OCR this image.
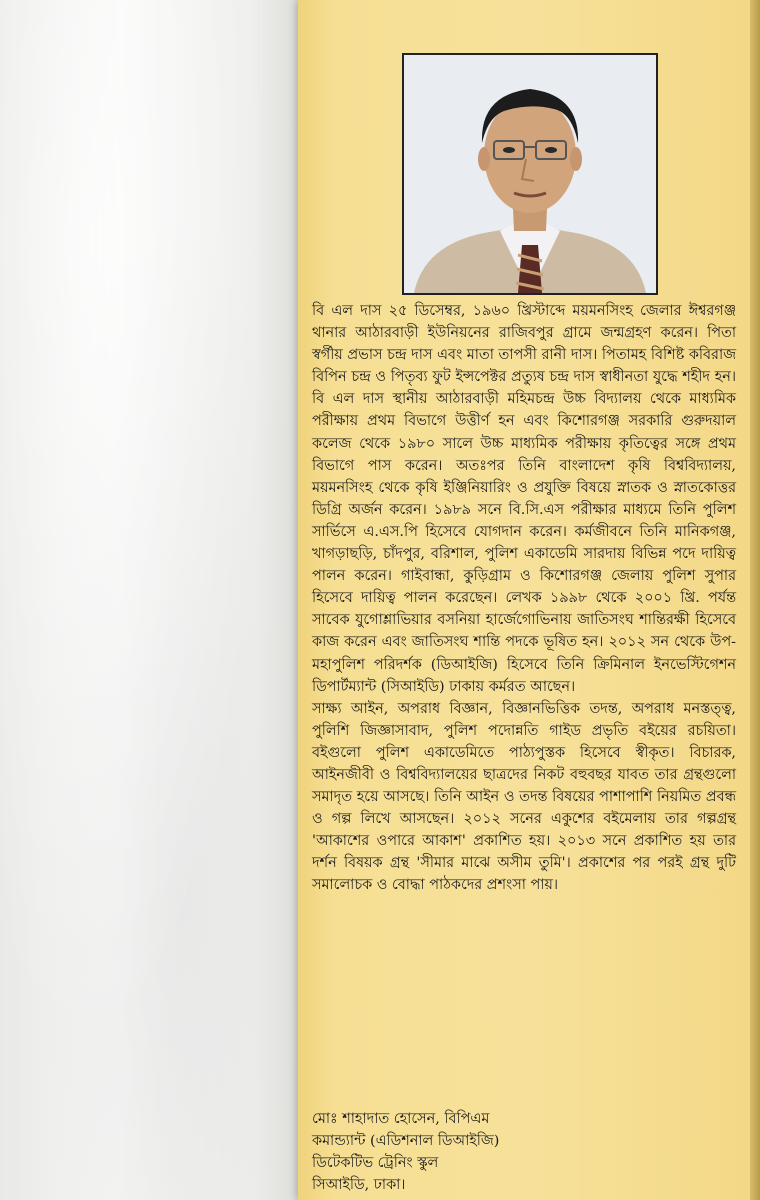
বি এল দাস ২৫ ডিসেম্বর, ১৯৬০ খ্রিস্টাব্দে ময়মনসিংহ জেলার ঈশ্বরগঞ্জ থানার আঠারবাড়ী ইউনিয়নের রাজিবপুর গ্রামে জন্মগ্রহণ করেন। পিতা স্বর্গীয় প্রভাস চন্দ্র দাস এবং মাতা তাপসী রানী দাস। পিতামহ বিশিষ্ট কবিরাজ বিপিন চন্দ্র ও পিতৃব্য ফুট ইন্সপেক্টর প্রত্যুষ চন্দ্র দাস স্বাধীনতা যুদ্ধে শহীদ হন। বি এল দাস স্থানীয় আঠারবাড়ী মহিমচন্দ্র উচ্চ বিদ্যালয় থেকে মাধ্যমিক পরীক্ষায় প্রথম বিভাগে উত্তীর্ণ হন এবং কিশোরগঞ্জ সরকারি গুরুদয়াল কলেজ থেকে ১৯৮০ সালে উচ্চ মাধ্যমিক পরীক্ষায় কৃতিত্বের সঙ্গে প্রথম বিভাগে পাস করেন। অতঃপর তিনি বাংলাদেশ কৃষি বিশ্ববিদ্যালয়, ময়মনসিংহ থেকে কৃষি ইঞ্জিনিয়ারিং ও প্রযুক্তি বিষয়ে স্নাতক ও স্নাতকোত্তর ডিগ্রি অর্জন করেন। ১৯৮৯ সনে বি.সি.এস পরীক্ষার মাধ্যমে তিনি পুলিশ সার্ভিসে এ.এস.পি হিসেবে যোগদান করেন। কর্মজীবনে তিনি মানিকগঞ্জ, খাগড়াছড়ি, চাঁদপুর, বরিশাল, পুলিশ একাডেমি সারদায় বিভিন্ন পদে দায়িত্ব পালন করেন। গাইবান্ধা, কুড়িগ্রাম ও কিশোরগঞ্জ জেলায় পুলিশ সুপার হিসেবে দায়িত্ব পালন করেছেন। লেখক ১৯৯৮ থেকে ২০০১ খ্রি. পর্যন্ত সাবেক যুগোশ্লাভিয়ার বসনিয়া হার্জেগোভিনায় জাতিসংঘ শান্তিরক্ষী হিসেবে কাজ করেন এবং জাতিসংঘ শান্তি পদকে ভূষিত হন। ২০১২ সন থেকে উপ-মহাপুলিশ পরিদর্শক (ডিআইজি) হিসেবে তিনি ক্রিমিনাল ইনভেস্টিগেশন ডিপার্টম্যান্ট (সিআইডি) ঢাকায় কর্মরত আছেন।

সাক্ষ্য আইন, অপরাধ বিজ্ঞান, বিজ্ঞানভিত্তিক তদন্ত, অপরাধ মনস্তত্ত্ব, পুলিশি জিজ্ঞাসাবাদ, পুলিশ পদোন্নতি গাইড প্রভৃতি বইয়ের রচয়িতা। বইগুলো পুলিশ একাডেমিতে পাঠ্যপুস্তক হিসেবে স্বীকৃত। বিচারক, আইনজীবী ও বিশ্ববিদ্যালয়ের ছাত্রদের নিকট বহুবছর যাবত তার গ্রন্থগুলো সমাদৃত হয়ে আসছে। তিনি আইন ও তদন্ত বিষয়ের পাশাপাশি নিয়মিত প্রবন্ধ ও গল্প লিখে আসছেন। ২০১২ সনের একুশের বইমেলায় তার গল্পগ্রন্থ 'আকাশের ওপারে আকাশ' প্রকাশিত হয়। ২০১৩ সনে প্রকাশিত হয় তার দর্শন বিষয়ক গ্রন্থ 'সীমার মাঝে অসীম তুমি'। প্রকাশের পর পরই গ্রন্থ দুটি সমালোচক ও বোদ্ধা পাঠকদের প্রশংসা পায়।

মোঃ শাহাদাত হোসেন, বিপিএম
কমান্ড্যান্ট (এডিশনাল ডিআইজি)
ডিটেকটিভ ট্রেনিং স্কুল
সিআইডি, ঢাকা।
